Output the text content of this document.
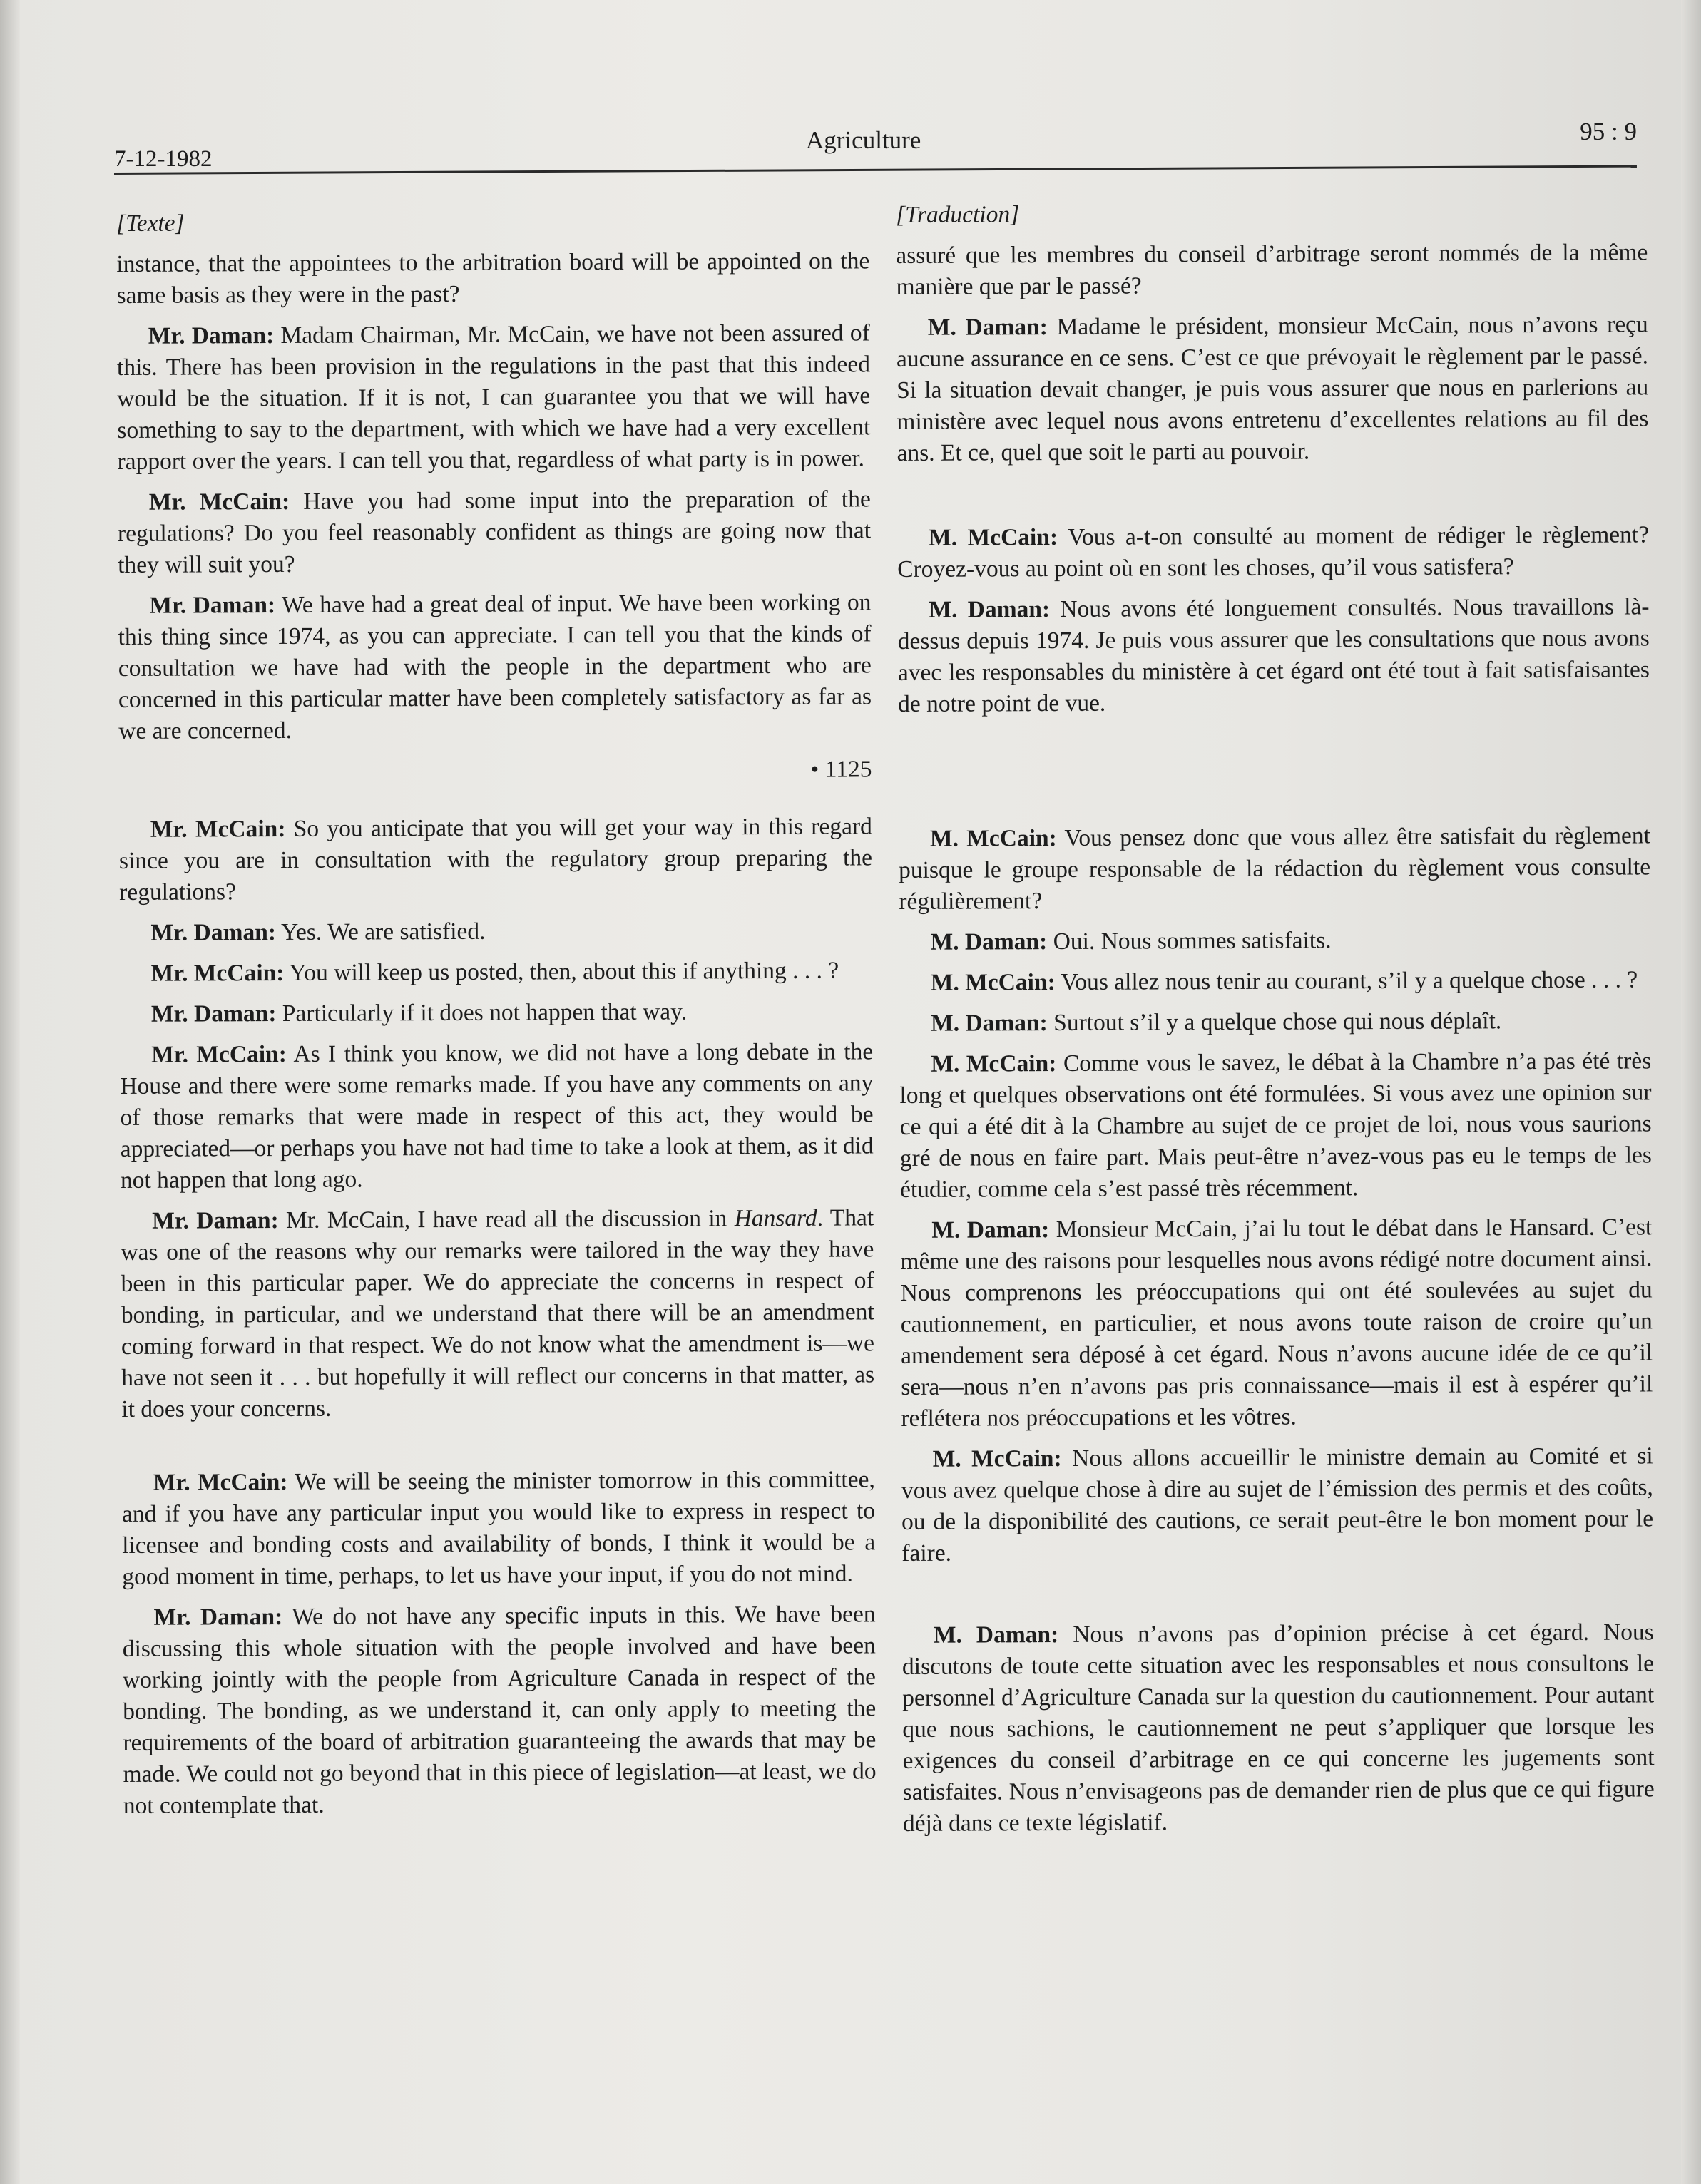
7-12-1982
Agriculture	95 : 9

[Texte]

instance, that the appointees to the arbitration board will be appointed on the same basis as they were in the past?

Mr. Daman: Madam Chairman, Mr. McCain, we have not been assured of this. There has been provision in the regulations in the past that this indeed would be the situation. If it is not, I can guarantee you that we will have something to say to the department, with which we have had a very excellent rapport over the years. I can tell you that, regardless of what party is in power.

Mr. McCain: Have you had some input into the preparation of the regulations? Do you feel reasonably confident as things are going now that they will suit you?

Mr. Daman: We have had a great deal of input. We have been working on this thing since 1974, as you can appreciate. I can tell you that the kinds of consultation we have had with the people in the department who are concerned in this particular matter have been completely satisfactory as far as we are concerned.

• 1125

Mr. McCain: So you anticipate that you will get your way in this regard since you are in consultation with the regulatory group preparing the regulations?

Mr. Daman: Yes. We are satisfied.

Mr. McCain: You will keep us posted, then, about this if anything . . . ?

Mr. Daman: Particularly if it does not happen that way.

Mr. McCain: As I think you know, we did not have a long debate in the House and there were some remarks made. If you have any comments on any of those remarks that were made in respect of this act, they would be appreciated—or perhaps you have not had time to take a look at them, as it did not happen that long ago.

Mr. Daman: Mr. McCain, I have read all the discussion in Hansard. That was one of the reasons why our remarks were tailored in the way they have been in this particular paper. We do appreciate the concerns in respect of bonding, in particular, and we understand that there will be an amendment coming forward in that respect. We do not know what the amendment is—we have not seen it . . . but hopefully it will reflect our concerns in that matter, as it does your concerns.

Mr. McCain: We will be seeing the minister tomorrow in this committee, and if you have any particular input you would like to express in respect to licensee and bonding costs and availability of bonds, I think it would be a good moment in time, perhaps, to let us have your input, if you do not mind.

Mr. Daman: We do not have any specific inputs in this. We have been discussing this whole situation with the people involved and have been working jointly with the people from Agriculture Canada in respect of the bonding. The bonding, as we understand it, can only apply to meeting the requirements of the board of arbitration guaranteeing the awards that may be made. We could not go beyond that in this piece of legislation—at least, we do not contemplate that.

[Traduction]

assuré que les membres du conseil d’arbitrage seront nommés de la même manière que par le passé?

M. Daman: Madame le président, monsieur McCain, nous n’avons reçu aucune assurance en ce sens. C’est ce que prévoyait le règlement par le passé. Si la situation devait changer, je puis vous assurer que nous en parlerions au ministère avec lequel nous avons entretenu d’excellentes relations au fil des ans. Et ce, quel que soit le parti au pouvoir.

M. McCain: Vous a-t-on consulté au moment de rédiger le règlement? Croyez-vous au point où en sont les choses, qu’il vous satisfera?

M. Daman: Nous avons été longuement consultés. Nous travaillons là-dessus depuis 1974. Je puis vous assurer que les consultations que nous avons avec les responsables du ministère à cet égard ont été tout à fait satisfaisantes de notre point de vue.

M. McCain: Vous pensez donc que vous allez être satisfait du règlement puisque le groupe responsable de la rédaction du règlement vous consulte régulièrement?

M. Daman: Oui. Nous sommes satisfaits.

M. McCain: Vous allez nous tenir au courant, s’il y a quelque chose . . . ?

M. Daman: Surtout s’il y a quelque chose qui nous déplaît.

M. McCain: Comme vous le savez, le débat à la Chambre n’a pas été très long et quelques observations ont été formulées. Si vous avez une opinion sur ce qui a été dit à la Chambre au sujet de ce projet de loi, nous vous saurions gré de nous en faire part. Mais peut-être n’avez-vous pas eu le temps de les étudier, comme cela s’est passé très récemment.

M. Daman: Monsieur McCain, j’ai lu tout le débat dans le Hansard. C’est même une des raisons pour lesquelles nous avons rédigé notre document ainsi. Nous comprenons les préoccupations qui ont été soulevées au sujet du cautionnement, en particulier, et nous avons toute raison de croire qu’un amendement sera déposé à cet égard. Nous n’avons aucune idée de ce qu’il sera—nous n’en n’avons pas pris connaissance—mais il est à espérer qu’il reflétera nos préoccupations et les vôtres.

M. McCain: Nous allons accueillir le ministre demain au Comité et si vous avez quelque chose à dire au sujet de l’émission des permis et des coûts, ou de la disponibilité des cautions, ce serait peut-être le bon moment pour le faire.

M. Daman: Nous n’avons pas d’opinion précise à cet égard. Nous discutons de toute cette situation avec les responsables et nous consultons le personnel d’Agriculture Canada sur la question du cautionnement. Pour autant que nous sachions, le cautionnement ne peut s’appliquer que lorsque les exigences du conseil d’arbitrage en ce qui concerne les jugements sont satisfaites. Nous n’envisageons pas de demander rien de plus que ce qui figure déjà dans ce texte législatif.
